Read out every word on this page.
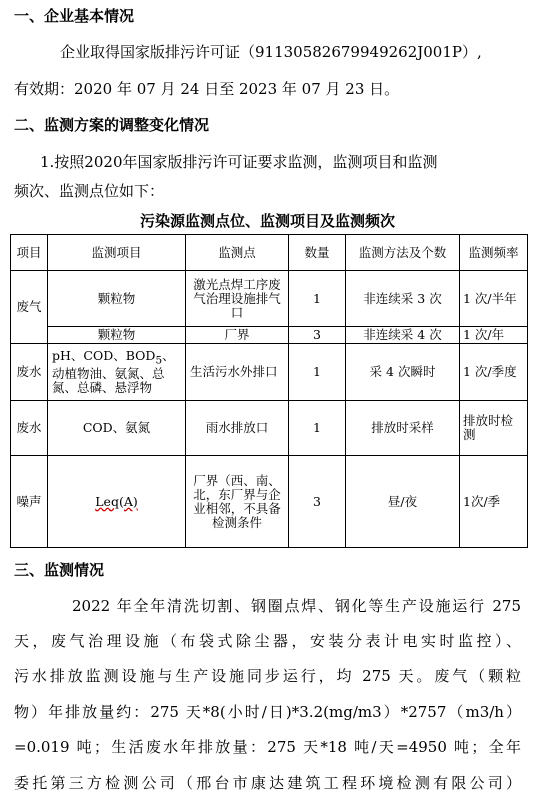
一、企业基本情况
企业取得国家版排污许可证（91130582679949262J001P）,
有效期：2020 年 07 月 24 日至 2023 年 07 月 23 日。
二、监测方案的调整变化情况
1.按照2020年国家版排污许可证要求监测，监测项目和监测
频次、监测点位如下：
污染源监测点位、监测项目及监测频次
项目	监测项目	监测点	数量	监测方法及个数	监测频率
废气	颗粒物	激光点焊工序废气治理设施排气口	1	非连续采 3 次	1 次/半年
	颗粒物	厂界	3	非连续采 4 次	1 次/年
废水	pH、COD、$BOD_5$、动植物油、氨氮、总氮、总磷、悬浮物	生活污水外排口	1	采 4 次瞬时	1 次/季度
废水	COD、氨氮	雨水排放口	1	排放时采样	排放时检测
噪声	Leq(A)	厂界（西、南、北，东厂界与企业相邻，不具备检测条件	3	昼/夜	1次/季
三、监测情况
2022 年全年清洗切割、钢圈点焊、钢化等生产设施运行 275
天，废气治理设施（布袋式除尘器，安装分表计电实时监控）、
污水排放监测设施与生产设施同步运行，均 275 天。废气（颗粒
物）年排放量约：275 天*8(小时/日)*3.2(mg/m3）*2757（m3/h）
=0.019 吨；生活废水年排放量：275 天*18 吨/天=4950 吨；全年
委托第三方检测公司（邢台市康达建筑工程环境检测有限公司）
